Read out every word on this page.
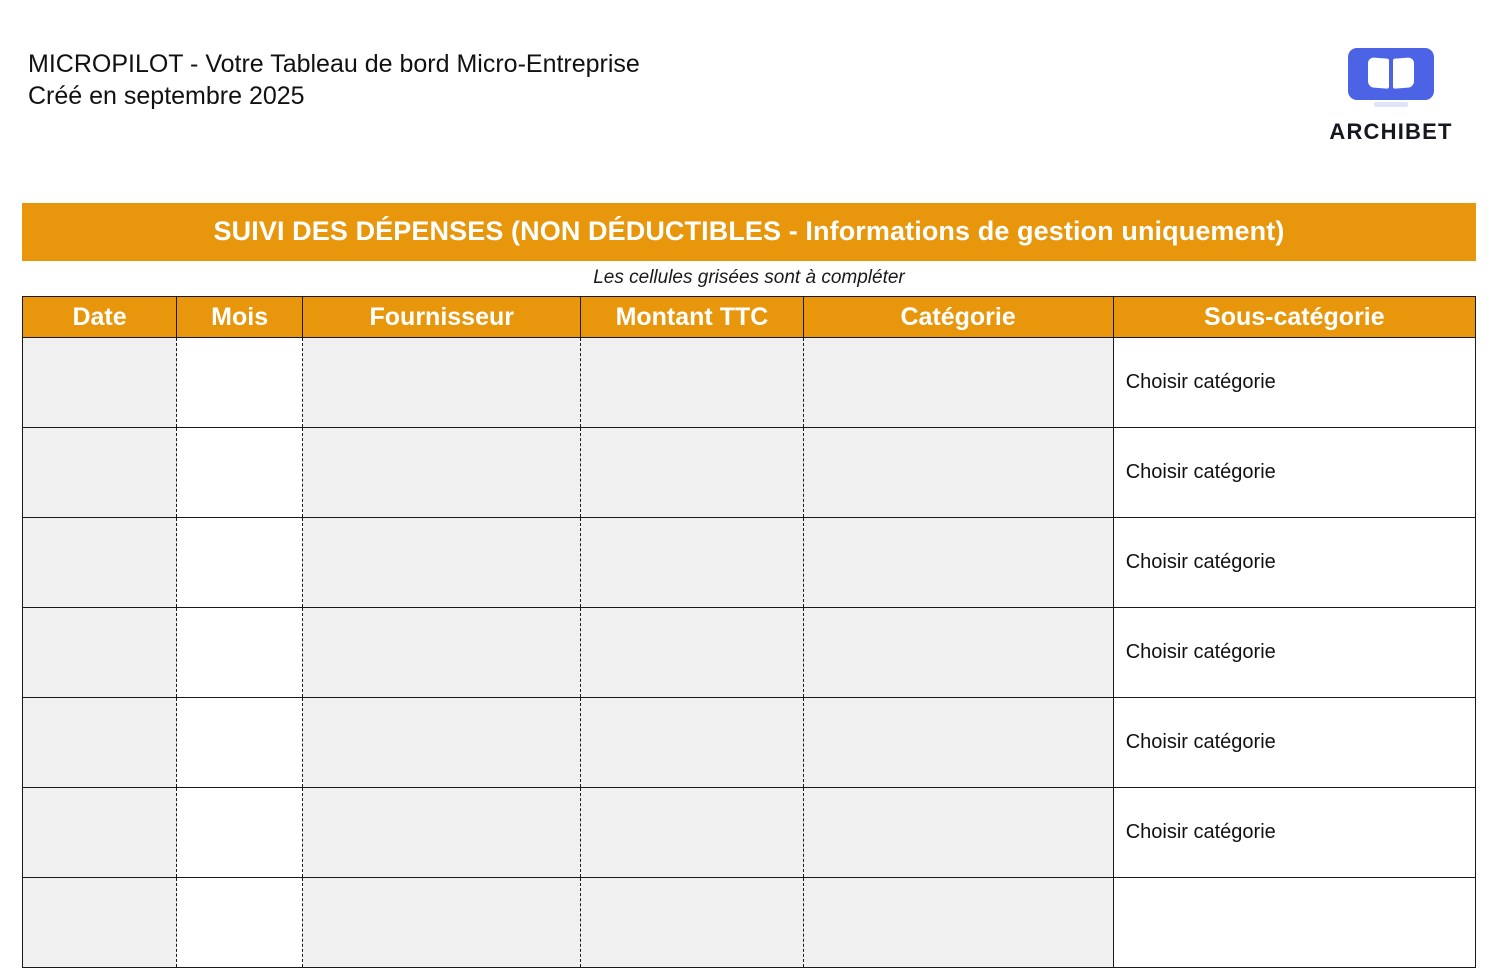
MICROPILOT - Votre Tableau de bord Micro-Entreprise
Créé en septembre 2025
ARCHIBET
SUIVI DES DÉPENSES (NON DÉDUCTIBLES - Informations de gestion uniquement)
Les cellules grisées sont à compléter
Date	Mois	Fournisseur	Montant TTC	Catégorie	Sous-catégorie
					Choisir catégorie
					Choisir catégorie
					Choisir catégorie
					Choisir catégorie
					Choisir catégorie
					Choisir catégorie
